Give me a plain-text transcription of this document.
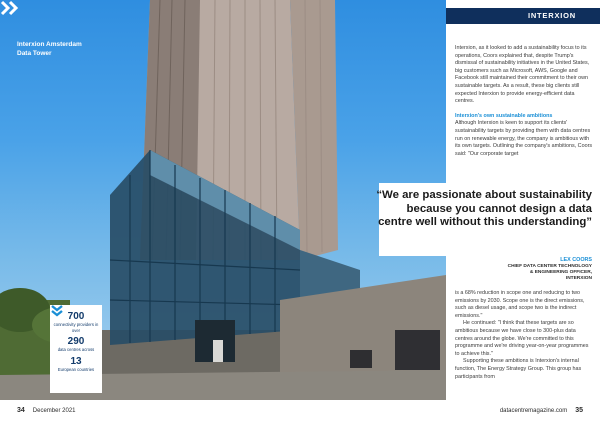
Interxion Amsterdam
Data Tower
700
connectivity providers in over
290
data centres across
13
European countries
INTERXION

Interxion, as it looked to add a sustainability focus to its operations, Coors explained that, despite Trump's dismissal of sustainability initiatives in the United States, big customers such as Microsoft, AWS, Google and Facebook still maintained their commitment to their own sustainable targets. As a result, these big clients still expected Interxion to provide energy-efficient data centres.

Interxion's own sustainable ambitions

Although Interxion is keen to support its clients' sustainability targets by providing them with data centres run on renewable energy, the company is ambitious with its own targets. Outlining the company's ambitions, Coors said: "Our corporate target

“We are passionate about sustainability because you cannot design a data centre well without this understanding”
LEX COORS
CHIEF DATA CENTER TECHNOLOGY
& ENGINEERING OFFICER,
INTERXION

is a 68% reduction in scope one and reducing to two emissions by 2030. Scope one is the direct emissions, such as diesel usage, and scope two is the indirect emissions."

He continued: "I think that these targets are so ambitious because we have close to 300-plus data centres around the globe. We're committed to this programme and we're driving year-on-year programmes to achieve this."

Supporting these ambitions is Interxion's internal function, The Energy Strategy Group. This group has participants from

34 December 2021	datacentremagazine.com 35
